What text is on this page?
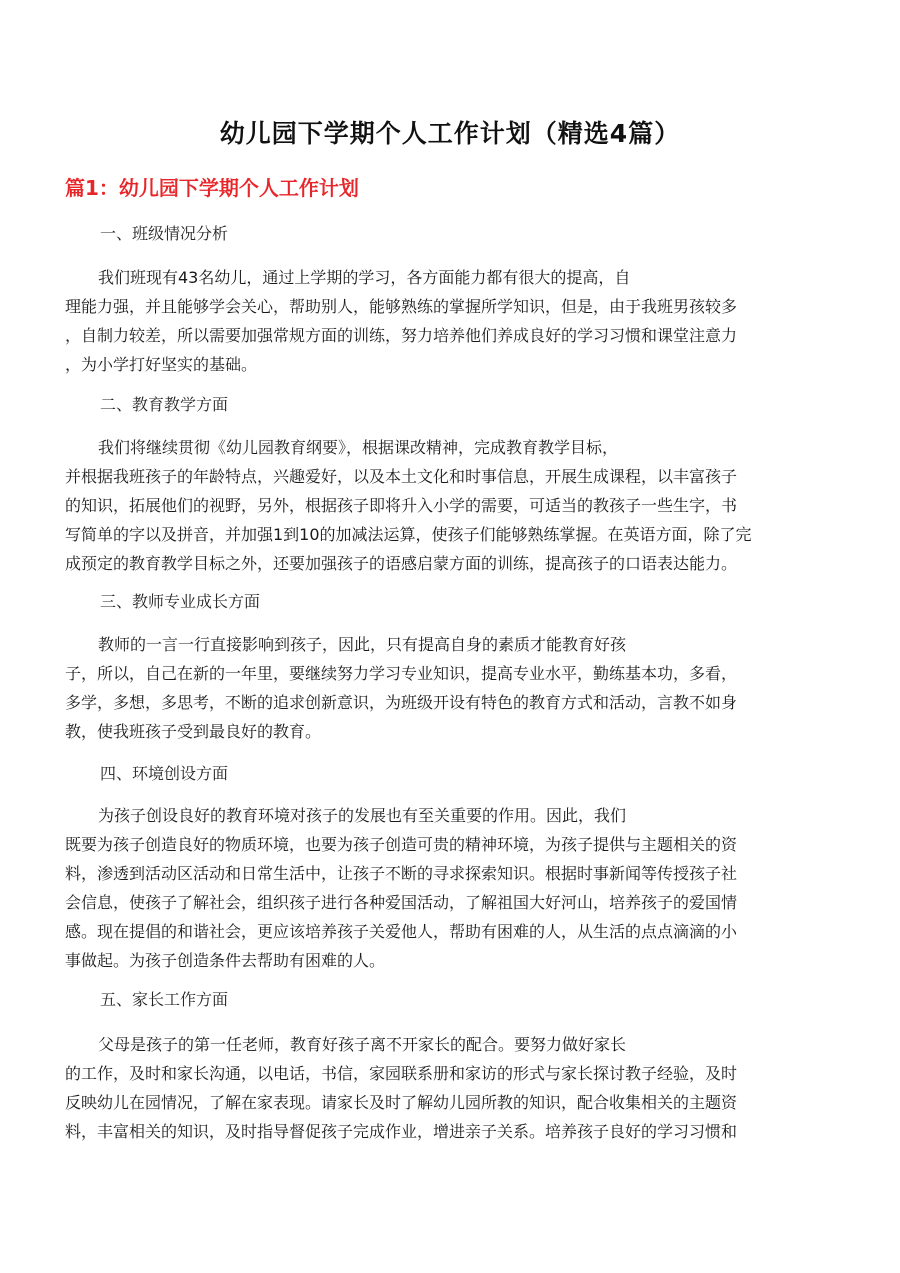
幼儿园下学期个人工作计划（精选4篇）
篇1：幼儿园下学期个人工作计划
一、班级情况分析
我们班现有43名幼儿，通过上学期的学习，各方面能力都有很大的提高，自
理能力强，并且能够学会关心，帮助别人，能够熟练的掌握所学知识，但是，由于我班男孩较多
，自制力较差，所以需要加强常规方面的训练，努力培养他们养成良好的学习习惯和课堂注意力
，为小学打好坚实的基础。
二、教育教学方面
我们将继续贯彻《幼儿园教育纲要》，根据课改精神，完成教育教学目标，
并根据我班孩子的年龄特点，兴趣爱好，以及本土文化和时事信息，开展生成课程，以丰富孩子
的知识，拓展他们的视野，另外，根据孩子即将升入小学的需要，可适当的教孩子一些生字，书
写简单的字以及拼音，并加强1到10的加减法运算，使孩子们能够熟练掌握。在英语方面，除了完
成预定的教育教学目标之外，还要加强孩子的语感启蒙方面的训练，提高孩子的口语表达能力。
三、教师专业成长方面
教师的一言一行直接影响到孩子，因此，只有提高自身的素质才能教育好孩
子，所以，自己在新的一年里，要继续努力学习专业知识，提高专业水平，勤练基本功，多看，
多学，多想，多思考，不断的追求创新意识，为班级开设有特色的教育方式和活动，言教不如身
教，使我班孩子受到最良好的教育。
四、环境创设方面
为孩子创设良好的教育环境对孩子的发展也有至关重要的作用。因此，我们
既要为孩子创造良好的物质环境，也要为孩子创造可贵的精神环境，为孩子提供与主题相关的资
料，渗透到活动区活动和日常生活中，让孩子不断的寻求探索知识。根据时事新闻等传授孩子社
会信息，使孩子了解社会，组织孩子进行各种爱国活动，了解祖国大好河山，培养孩子的爱国情
感。现在提倡的和谐社会，更应该培养孩子关爱他人，帮助有困难的人，从生活的点点滴滴的小
事做起。为孩子创造条件去帮助有困难的人。
五、家长工作方面
父母是孩子的第一任老师，教育好孩子离不开家长的配合。要努力做好家长
的工作，及时和家长沟通，以电话，书信，家园联系册和家访的形式与家长探讨教子经验，及时
反映幼儿在园情况，了解在家表现。请家长及时了解幼儿园所教的知识，配合收集相关的主题资
料，丰富相关的知识，及时指导督促孩子完成作业，增进亲子关系。培养孩子良好的学习习惯和
